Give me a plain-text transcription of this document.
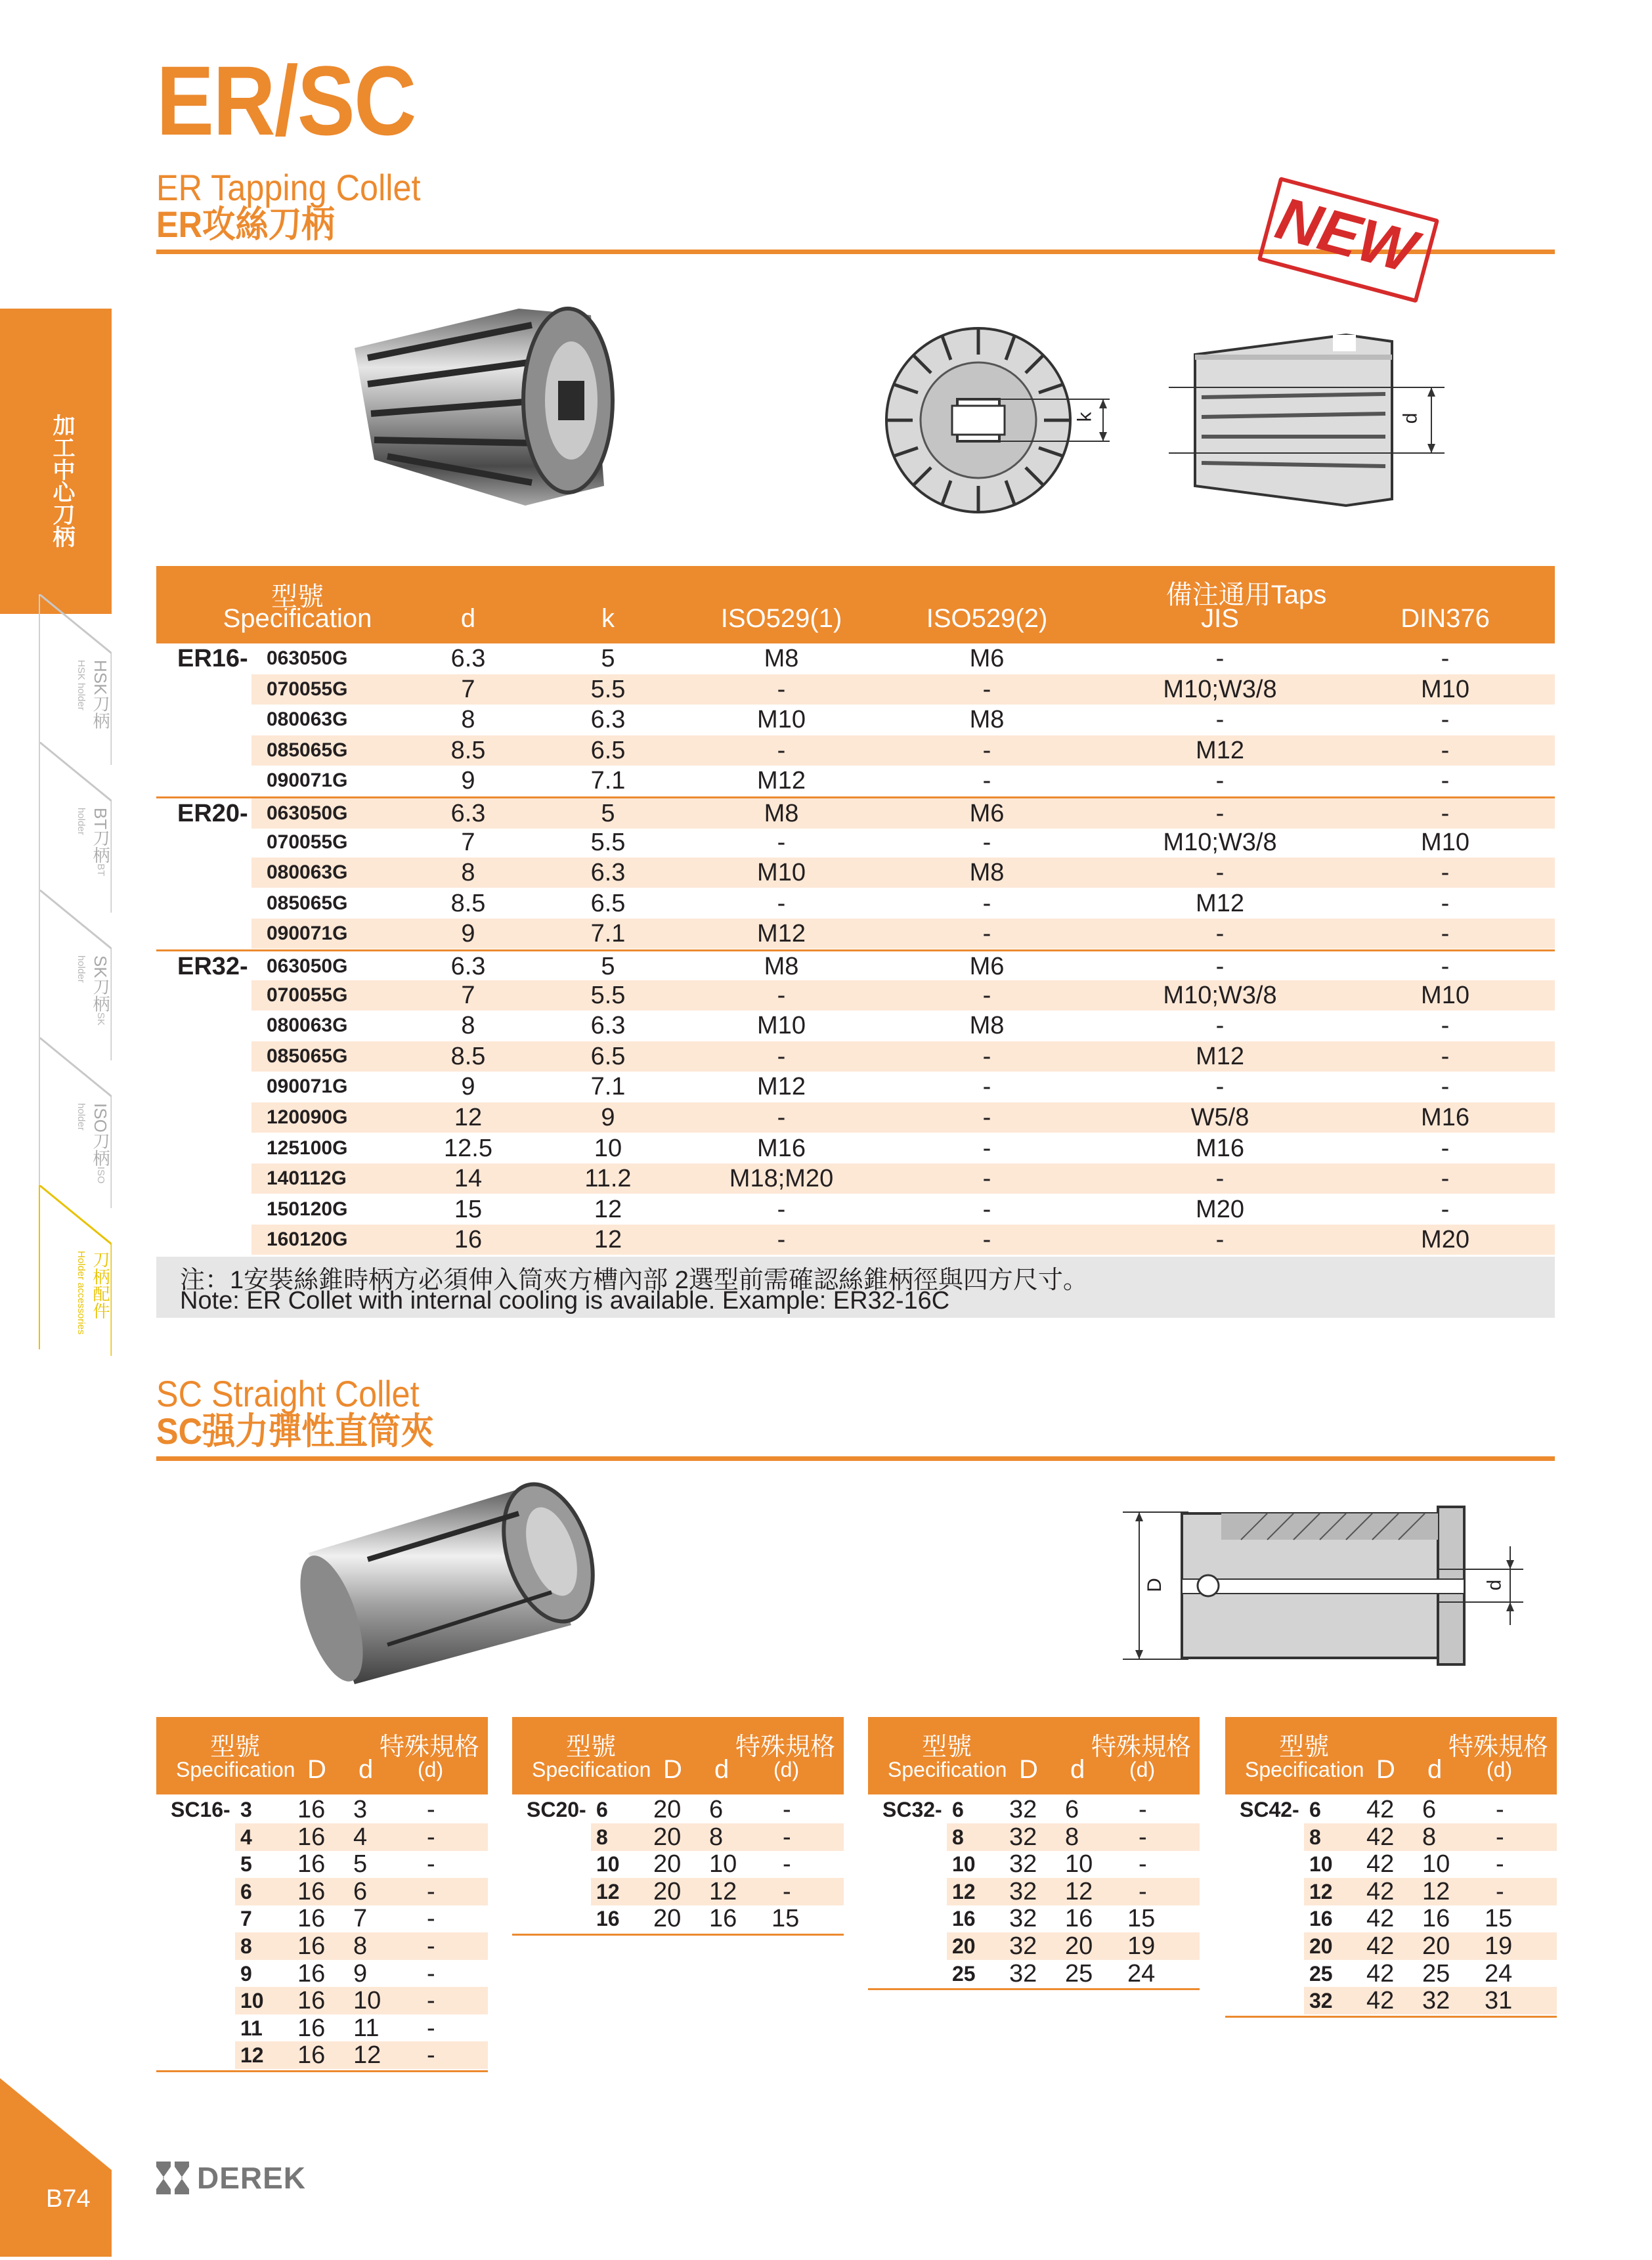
加工中心刀柄
HSK刀柄HSK holder
BT刀柄BT holder
SK刀柄SK holder
ISO刀柄ISO holder
刀柄配件Holder accessories
ER/SC
ER Tapping Collet
ER攻絲刀柄	NEW
k	d
型號
Specification	d	k	ISO529(1)	ISO529(2)
備注通用Taps
JIS	DIN376
ER16- 063050G	6.3	5	M8	M6	-	-
070055G	7	5.5	-	-	M10;W3/8	M10
080063G	8	6.3	M10	M8	-	-
085065G	8.5	6.5	-	-	M12	-
090071G	9	7.1	M12	-	-	-
ER20- 063050G	6.3	5	M8	M6	-	-
070055G	7	5.5	-	-	M10;W3/8	M10
080063G	8	6.3	M10	M8	-	-
085065G	8.5	6.5	-	-	M12	-
090071G	9	7.1	M12	-	-	-
ER32- 063050G	6.3	5	M8	M6	-	-
070055G	7	5.5	-	-	M10;W3/8	M10
080063G	8	6.3	M10	M8	-	-
085065G	8.5	6.5	-	-	M12	-
090071G	9	7.1	M12	-	-	-
120090G	12	9	-	-	W5/8	M16
125100G	12.5	10	M16	-	M16	-
140112G	14	11.2	M18;M20	-	-	-
150120G	15	12	-	-	M20	-
160120G	16	12	-	-	-	M20
注：1安裝絲錐時柄方必須伸入筒夾方槽內部 2選型前需確認絲錐柄徑與四方尺寸。
Note: ER Collet with internal cooling is available. Example: ER32-16C
SC Straight Collet
SC强力彈性直筒夾
D	d
型號
Specification D d
特殊規格
(d)
SC16- 3 16 3 -
4 16 4 -
5 16 5 -
6 16 6 -
7 16 7 -
8 16 8 -
9 16 9 -
10 16 10 -
11 16 11 -
12 16 12 -
型號
Specification D d
特殊規格
(d)
SC20- 6 20 6 -
8 20 8 -
10 20 10 -
12 20 12 -
16 20 16 15
型號
Specification D d
特殊規格
(d)
SC32- 6 32 6 -
8 32 8 -
10 32 10 -
12 32 12 -
16 32 16 15
20 32 20 19
25 32 25 24
型號
Specification D d
特殊規格
(d)
SC42- 6 42 6 -
8 42 8 -
10 42 10 -
12 42 12 -
16 42 16 15
20 42 20 19
25 42 25 24
32 42 32 31
B74
DEREK
